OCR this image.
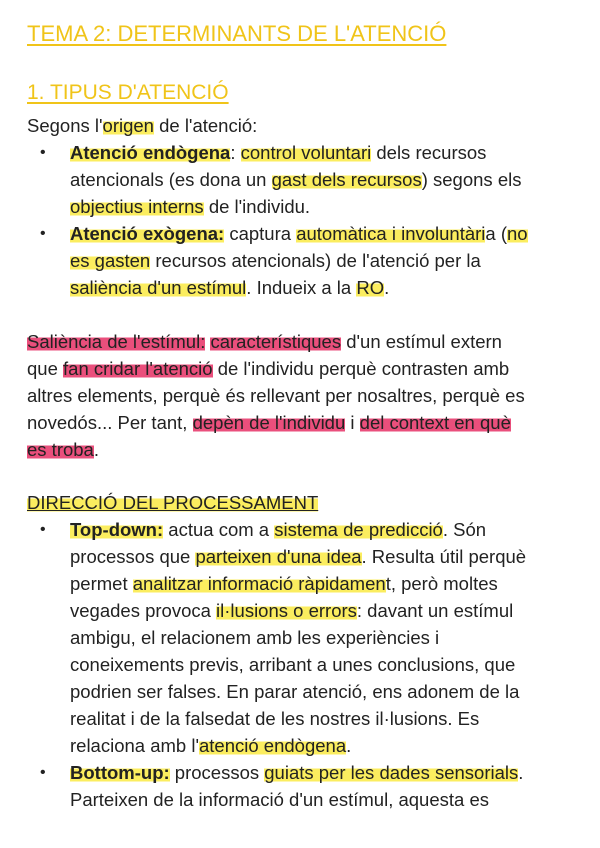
TEMA 2: DETERMINANTS DE L'ATENCIÓ
1. TIPUS D'ATENCIÓ
Segons l'origen de l'atenció:
• Atenció endògena: control voluntari dels recursos
atencionals (es dona un gast dels recursos) segons els
objectius interns de l'individu.
• Atenció exògena: captura automàtica i involuntària (no
es gasten recursos atencionals) de l'atenció per la
saliència d'un estímul. Indueix a la RO.
Saliència de l'estímul: característiques d'un estímul extern
que fan cridar l'atenció de l'individu perquè contrasten amb
altres elements, perquè és rellevant per nosaltres, perquè es
novedós... Per tant, depèn de l'individu i del context en què
es troba.
DIRECCIÓ DEL PROCESSAMENT
• Top-down: actua com a sistema de predicció. Són
processos que parteixen d'una idea. Resulta útil perquè
permet analitzar informació ràpidament, però moltes
vegades provoca il·lusions o errors: davant un estímul
ambigu, el relacionem amb les experiències i
coneixements previs, arribant a unes conclusions, que
podrien ser falses. En parar atenció, ens adonem de la
realitat i de la falsedat de les nostres il·lusions. Es
relaciona amb l'atenció endògena.
• Bottom-up: processos guiats per les dades sensorials.
Parteixen de la informació d'un estímul, aquesta es
